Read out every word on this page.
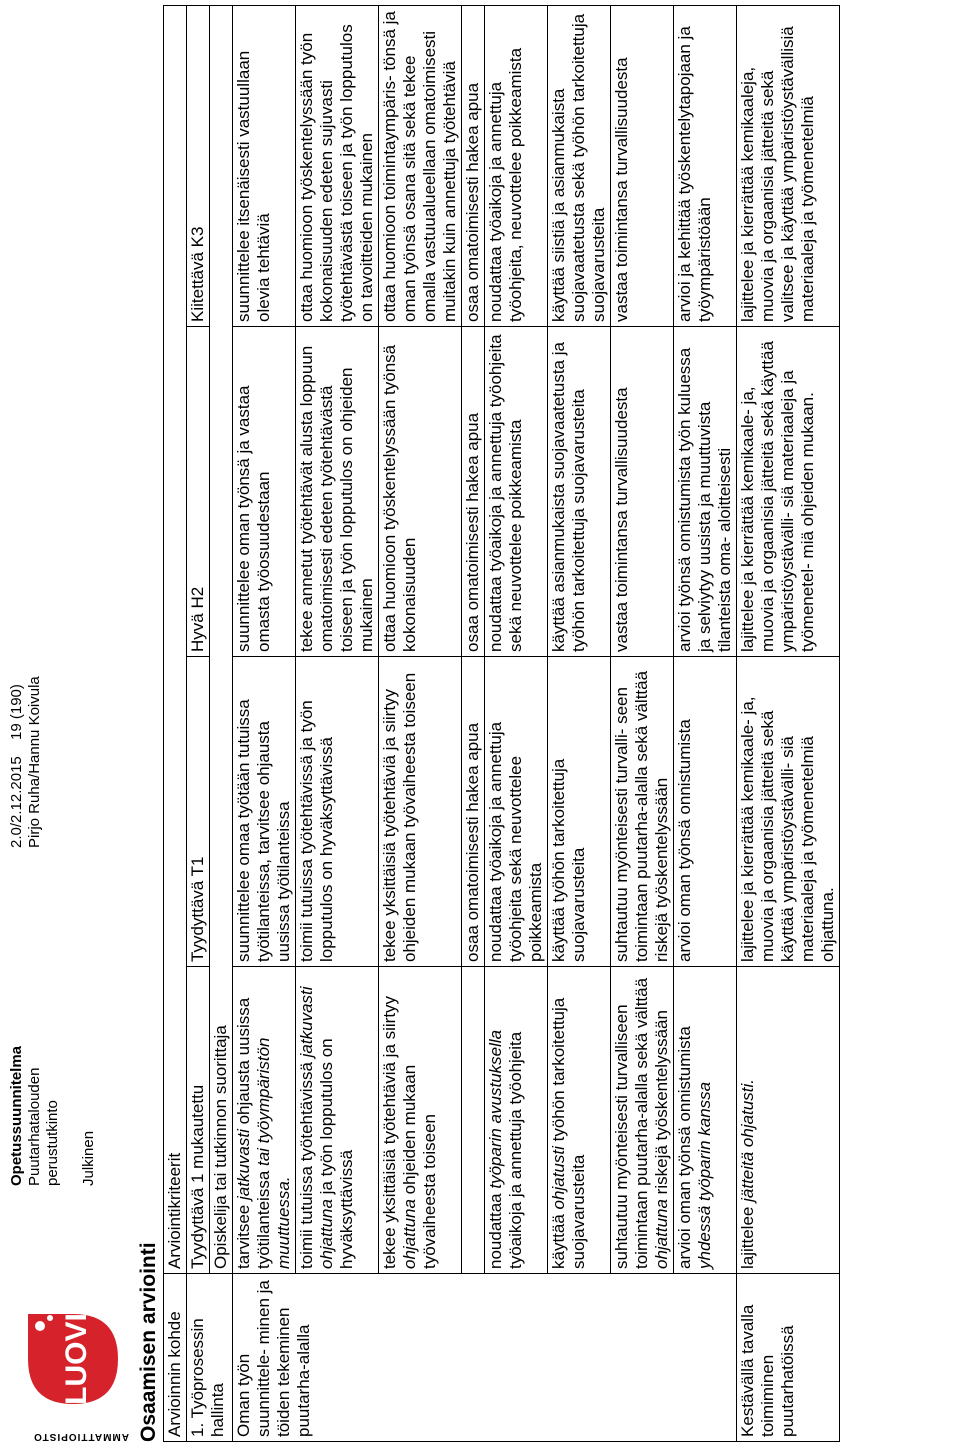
AMMATTIOPISTO
LUOVI
Opetussuunnitelma Puutarhatalouden perustutkinto Julkinen
2.0/2.12.2015
19 (190) Pirjo Ruha/Hannu Koivula
Osaamisen arviointi Arvioinnin kohde	Arviointikriteerit			
1. Työprosessin hallinta	Tyydyttävä 1 mukautettu	Tyydyttävä T1	Hyvä H2	Kiitettävä K3
	Opiskelija tai tutkinnon suorittaja			
Oman työn suunnittele- minen ja töiden tekeminen puutarha-alalla	tarvitsee jatkuvasti ohjausta uusissa työtilanteissa tai työympäristön muuttuessa.	suunnittelee omaa työtään tutuissa työtilanteissa, tarvitsee ohjausta uusissa työtilanteissa	suunnittelee oman työnsä ja vastaa omasta työosuudestaan	suunnittelee itsenäisesti vastuullaan olevia tehtäviä
	toimii tutuissa työtehtävissä jatkuvasti ohjattuna ja työn lopputulos on hyväksyttävissä	toimii tutuissa työtehtävissä ja työn lopputulos on hyväksyttävissä	tekee annetut työtehtävät alusta loppuun omatoimisesti edeten työtehtävästä toiseen ja työn lopputulos on ohjeiden mukainen	ottaa huomioon työskentelyssään työn kokonaisuuden edeten sujuvasti työtehtävästä toiseen ja työn lopputulos on tavoitteiden mukainen
	tekee yksittäisiä työtehtäviä ja siirtyy ohjattuna ohjeiden mukaan työvaiheesta toiseen	tekee yksittäisiä työtehtäviä ja siirtyy ohjeiden mukaan työvaiheesta toiseen	ottaa huomioon työskentelyssään työnsä kokonaisuuden	ottaa huomioon toimintaympäris- tönsä ja oman työnsä osana sitä sekä tekee omalla vastuualueellaan omatoimisesti muitakin kuin annettuja työtehtäviä
		osaa omatoimisesti hakea apua	osaa omatoimisesti hakea apua	osaa omatoimisesti hakea apua
	noudattaa työparin avustuksella työaikoja ja annettuja työohjeita	noudattaa työaikoja ja annettuja työohjeita sekä neuvottelee poikkeamista	noudattaa työaikoja ja annettuja työohjeita sekä neuvottelee poikkeamista	noudattaa työaikoja ja annettuja työohjeita, neuvottelee poikkeamista
	käyttää ohjatusti työhön tarkoitettuja suojavarusteita	käyttää työhön tarkoitettuja suojavarusteita	käyttää asianmukaista suojavaatetusta ja työhön tarkoitettuja suojavarusteita	käyttää siistiä ja asianmukaista suojavaatetusta sekä työhön tarkoitettuja suojavarusteita
	suhtautuu myönteisesti turvalliseen toimintaan puutarha-alalla sekä välttää ohjattuna riskejä työskentelyssään	suhtautuu myönteisesti turvalli- seen toimintaan puutarha-alalla sekä välttää riskejä työskentelyssään	vastaa toimintansa turvallisuudesta	vastaa toimintansa turvallisuudesta
	arvioi oman työnsä onnistumista yhdessä työparin kanssa	arvioi oman työnsä onnistumista	arvioi työnsä onnistumista työn kuluessa ja selviytyy uusista ja muuttuvista tilanteista oma- aloitteisesti	arvioi ja kehittää työskentelytapojaan ja työympäristöään
Kestävällä tavalla toimiminen puutarhatöissä	lajittelee jätteitä ohjatusti.	lajittelee ja kierrättää kemikaale- ja, muovia ja orgaanisia jätteitä sekä käyttää ympäristöystävälli- siä materiaaleja ja työmenetelmiä ohjattuna.	lajittelee ja kierrättää kemikaale- ja, muovia ja orgaanisia jätteitä sekä käyttää ympäristöystävälli- siä materiaaleja ja työmenetel- miä ohjeiden mukaan.	lajittelee ja kierrättää kemikaaleja, muovia ja orgaanisia jätteitä sekä valitsee ja käyttää ympäristöystävällisiä materiaaleja ja työmenetelmiä
